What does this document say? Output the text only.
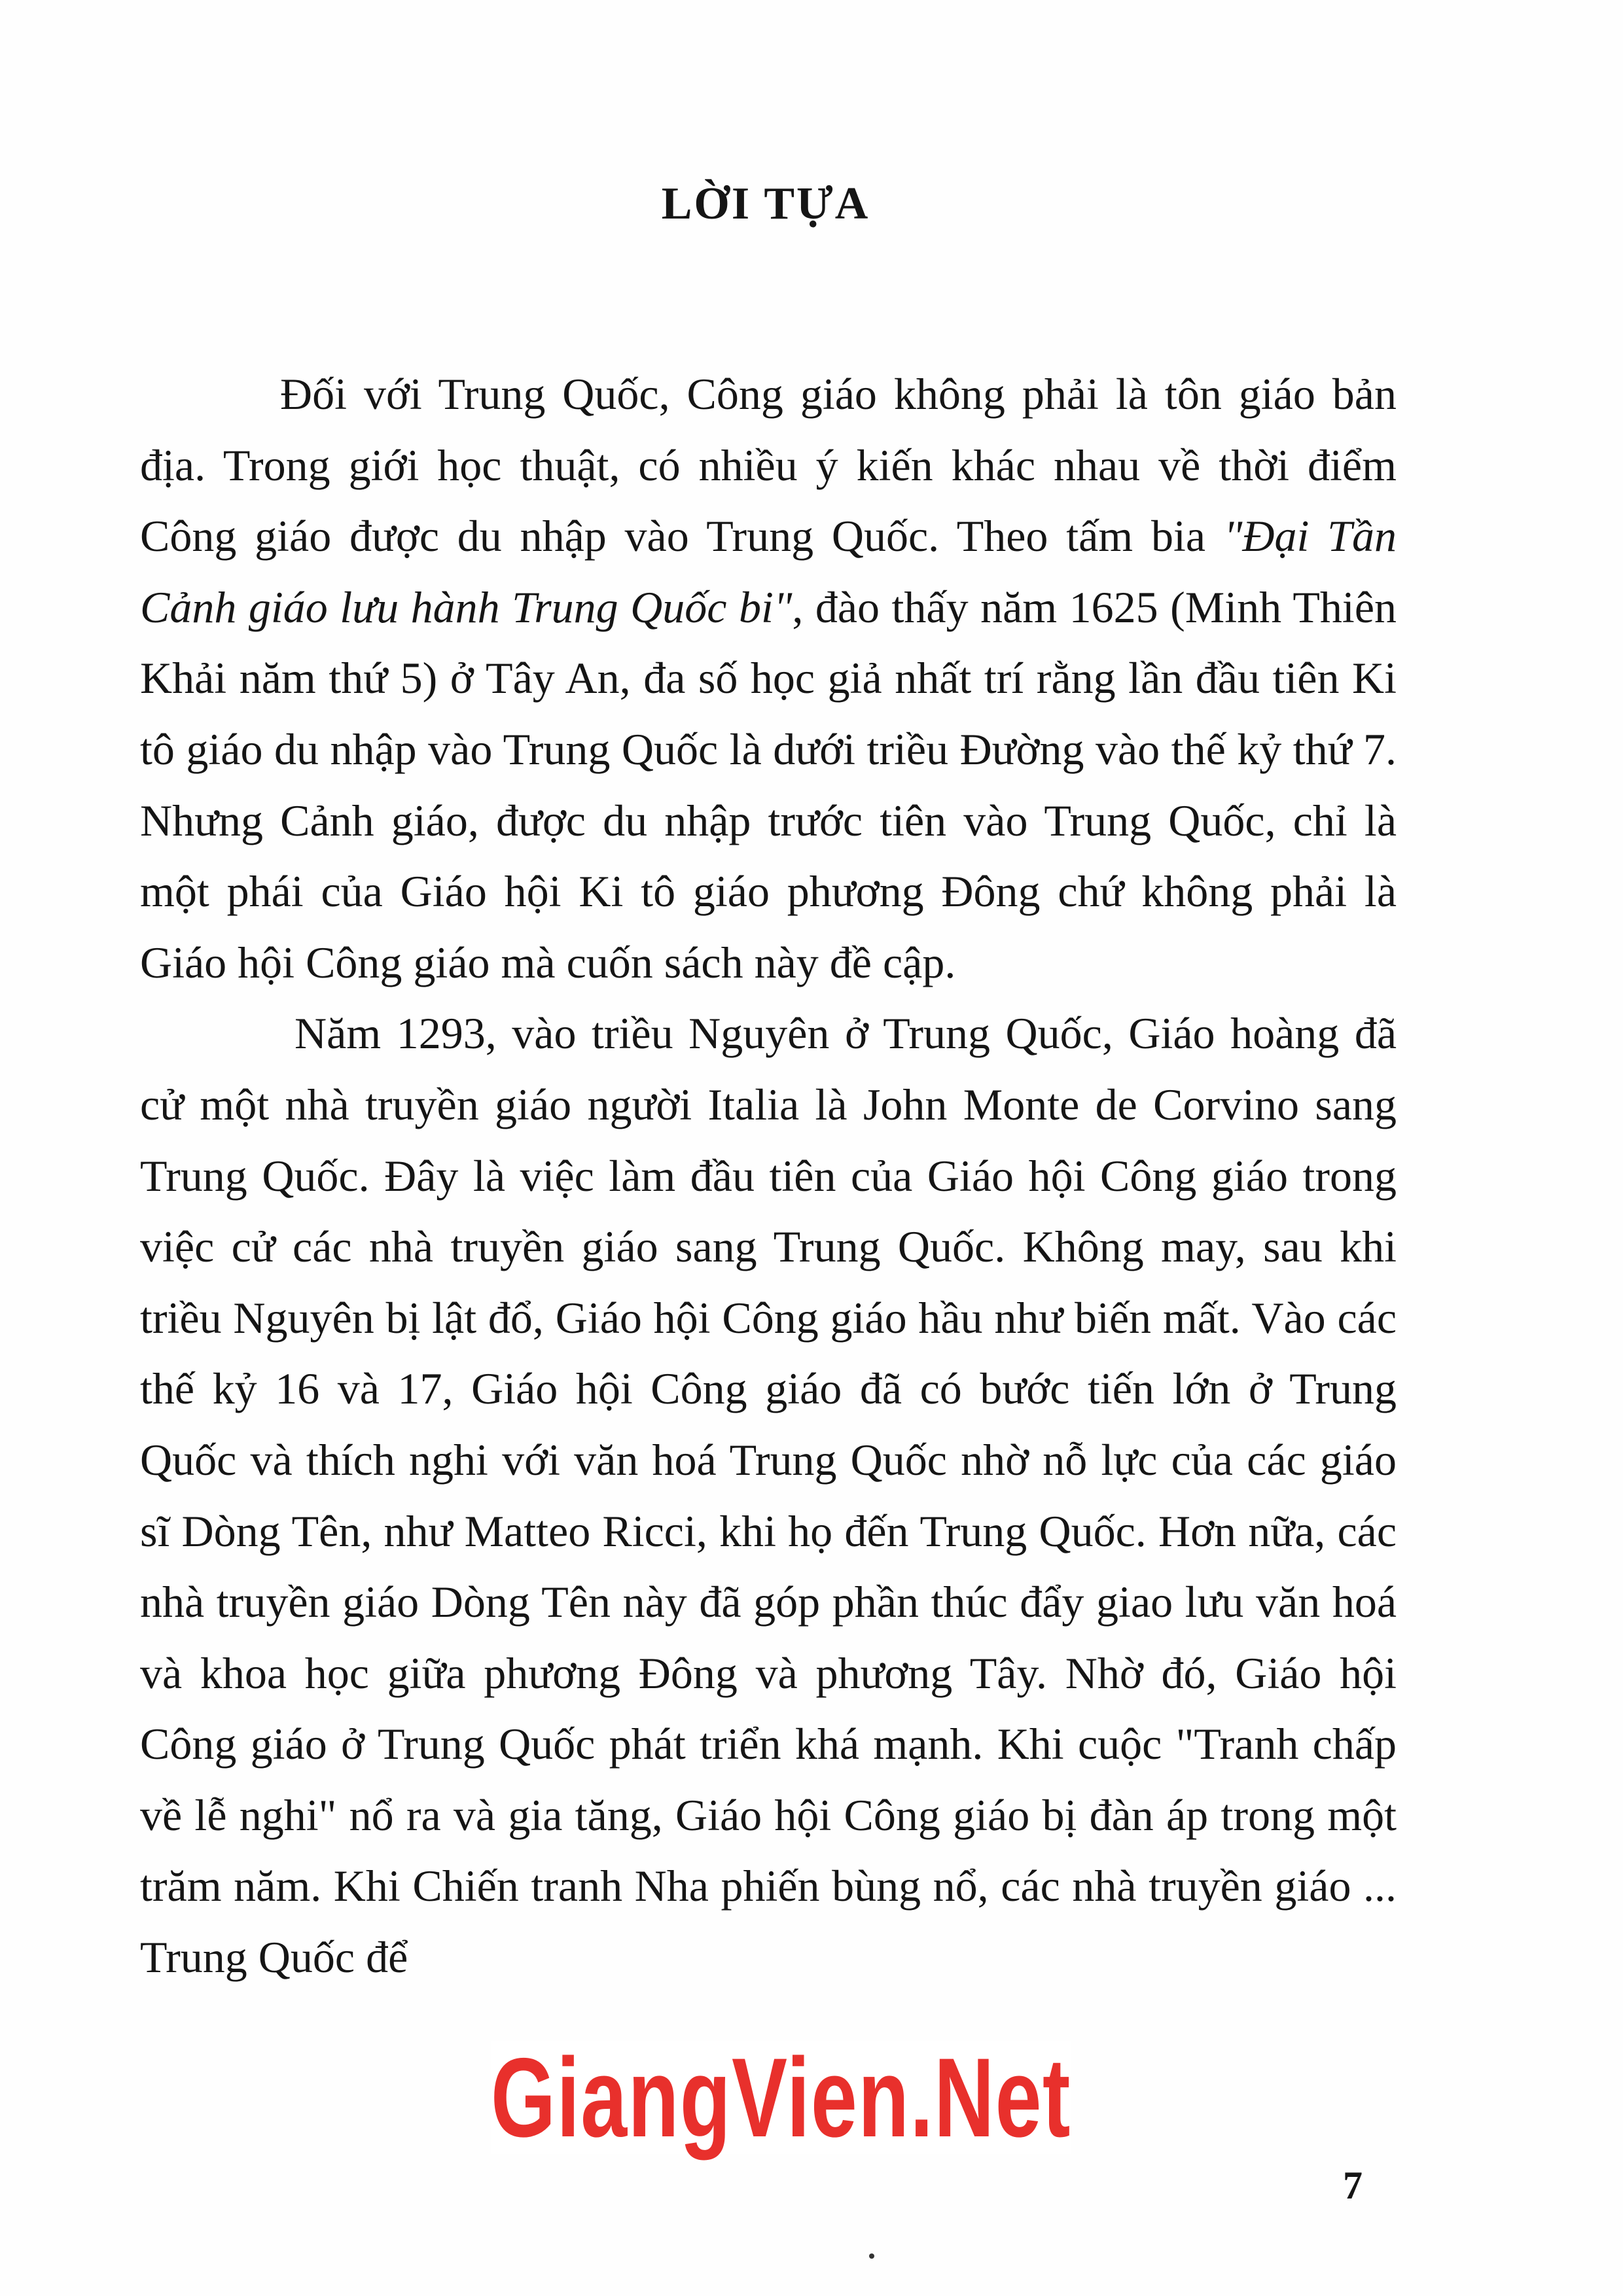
LỜI TỰA

Đối với Trung Quốc, Công giáo không phải là tôn giáo bản địa. Trong giới học thuật, có nhiều ý kiến khác nhau về thời điểm Công giáo được du nhập vào Trung Quốc. Theo tấm bia "Đại Tần Cảnh giáo lưu hành Trung Quốc bi", đào thấy năm 1625 (Minh Thiên Khải năm thứ 5) ở Tây An, đa số học giả nhất trí rằng lần đầu tiên Ki tô giáo du nhập vào Trung Quốc là dưới triều Đường vào thế kỷ thứ 7. Nhưng Cảnh giáo, được du nhập trước tiên vào Trung Quốc, chỉ là một phái của Giáo hội Ki tô giáo phương Đông chứ không phải là Giáo hội Công giáo mà cuốn sách này đề cập.

Năm 1293, vào triều Nguyên ở Trung Quốc, Giáo hoàng đã cử một nhà truyền giáo người Italia là John Monte de Corvino sang Trung Quốc. Đây là việc làm đầu tiên của Giáo hội Công giáo trong việc cử các nhà truyền giáo sang Trung Quốc. Không may, sau khi triều Nguyên bị lật đổ, Giáo hội Công giáo hầu như biến mất. Vào các thế kỷ 16 và 17, Giáo hội Công giáo đã có bước tiến lớn ở Trung Quốc và thích nghi với văn hoá Trung Quốc nhờ nỗ lực của các giáo sĩ Dòng Tên, như Matteo Ricci, khi họ đến Trung Quốc. Hơn nữa, các nhà truyền giáo Dòng Tên này đã góp phần thúc đẩy giao lưu văn hoá và khoa học giữa phương Đông và phương Tây. Nhờ đó, Giáo hội Công giáo ở Trung Quốc phát triển khá mạnh. Khi cuộc "Tranh chấp về lễ nghi" nổ ra và gia tăng, Giáo hội Công giáo bị đàn áp trong một trăm năm. Khi Chiến tranh Nha phiến bùng nổ, các nhà truyền giáo ... Trung Quốc để

GiangVien.Net
7
